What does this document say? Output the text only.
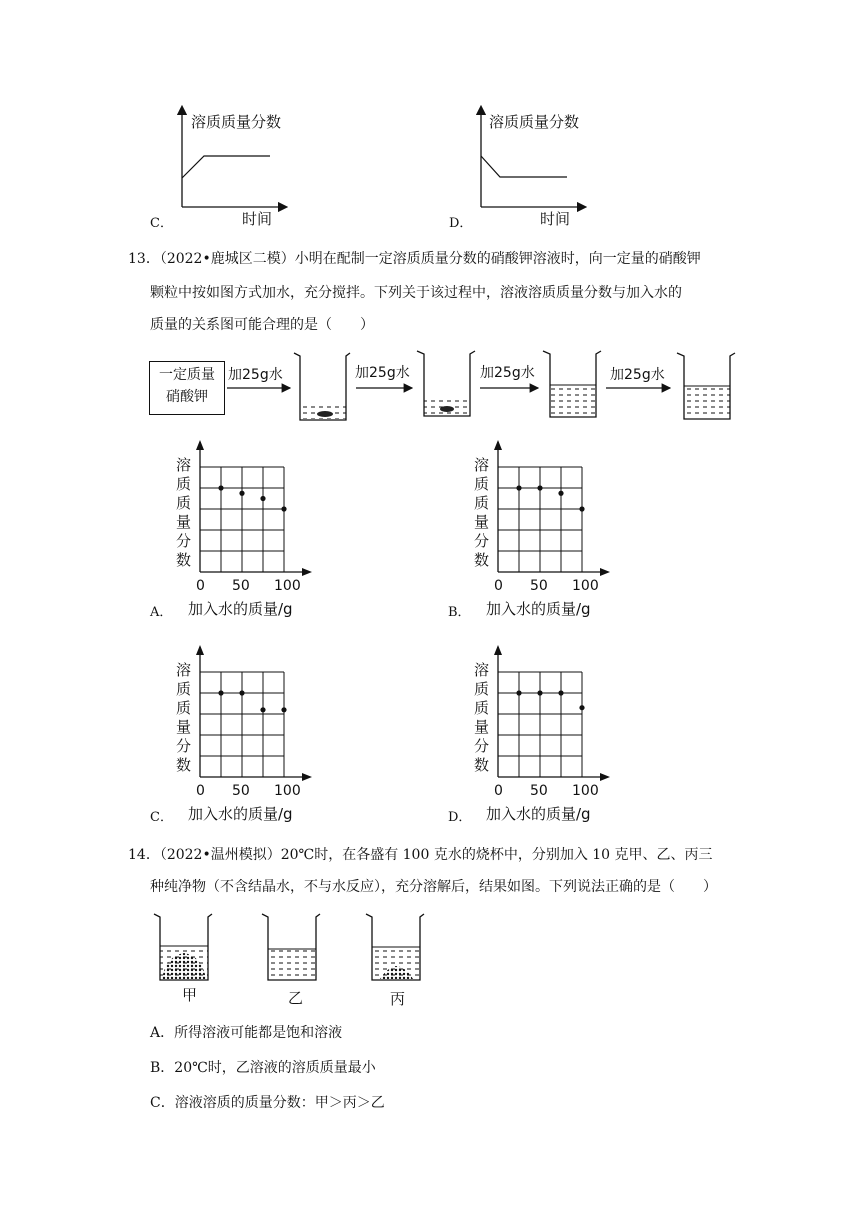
溶质质量分数
时间
C．
溶质质量分数
时间
D．
13．（2022•鹿城区二模）小明在配制一定溶质质量分数的硝酸钾溶液时，向一定量的硝酸钾
颗粒中按如图方式加水，充分搅拌。下列关于该过程中，溶液溶质质量分数与加入水的
质量的关系图可能合理的是（　　）
一定质量
硝酸钾
加25g水	加25g水	加25g水	加25g水
溶
质
质
量
分
数
0 50 100
加入水的质量/g
A．
溶
质
质
量
分
数
0 50 100
加入水的质量/g
B．
溶
质
质
量
分
数
0 50 100
加入水的质量/g
C．
溶
质
质
量
分
数
0 50 100
加入水的质量/g
D．
14．（2022•温州模拟）20℃时，在各盛有 100 克水的烧杯中，分别加入 10 克甲、乙、丙三
种纯净物（不含结晶水，不与水反应），充分溶解后，结果如图。下列说法正确的是（　　）
甲	乙	丙
A．所得溶液可能都是饱和溶液
B．20℃时，乙溶液的溶质质量最小
C．溶液溶质的质量分数：甲＞丙＞乙
